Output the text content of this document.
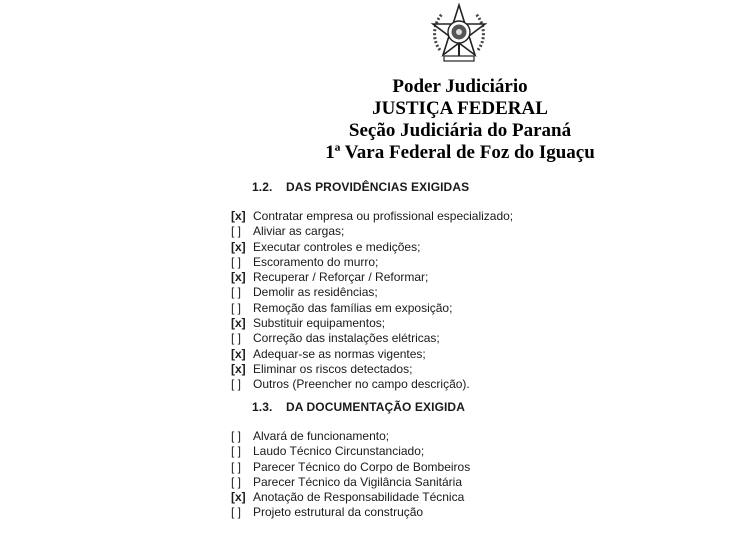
Poder Judiciário
JUSTIÇA FEDERAL
Seção Judiciária do Paraná
1ª Vara Federal de Foz do Iguaçu
1.2. DAS PROVIDÊNCIAS EXIGIDAS
[x] Contratar empresa ou profissional especializado;
[ ] Aliviar as cargas;
[x] Executar controles e medições;
[ ] Escoramento do murro;
[x] Recuperar / Reforçar / Reformar;
[ ] Demolir as residências;
[ ] Remoção das famílias em exposição;
[x] Substituir equipamentos;
[ ] Correção das instalações elétricas;
[x] Adequar-se as normas vigentes;
[x] Eliminar os riscos detectados;
[ ] Outros (Preencher no campo descrição).
1.3. DA DOCUMENTAÇÃO EXIGIDA
[ ] Alvará de funcionamento;
[ ] Laudo Técnico Circunstanciado;
[ ] Parecer Técnico do Corpo de Bombeiros
[ ] Parecer Técnico da Vigilância Sanitária
[x] Anotação de Responsabilidade Técnica
[ ] Projeto estrutural da construção
